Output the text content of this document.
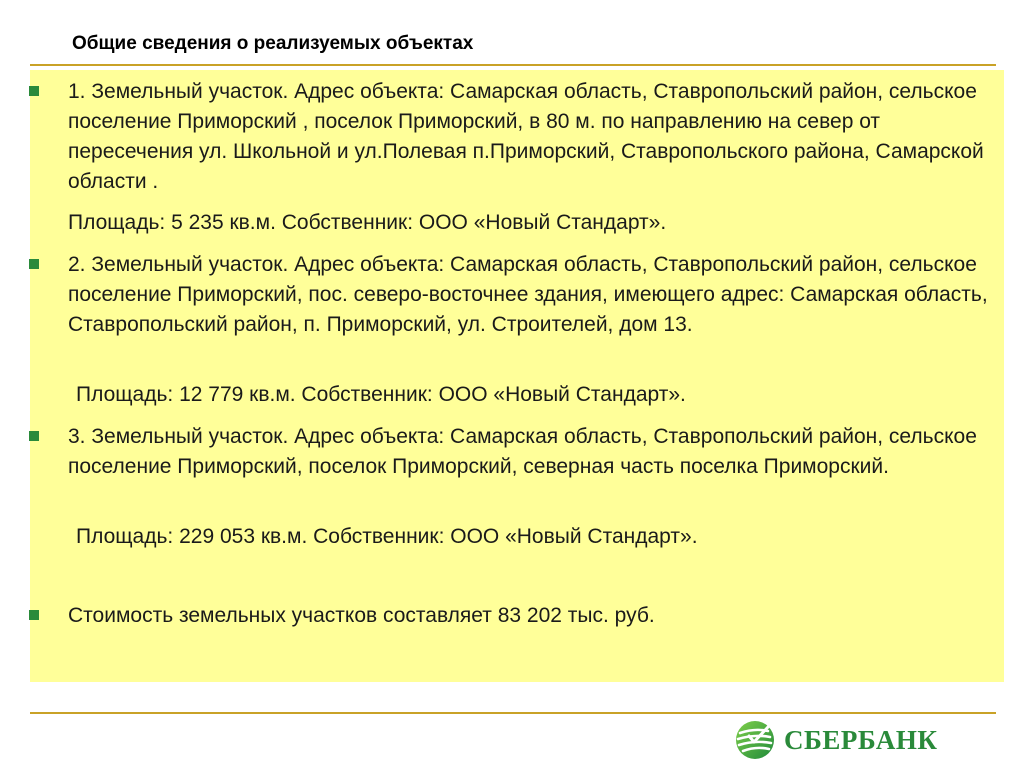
Общие сведения о реализуемых объектах
1. Земельный участок. Адрес объекта: Самарская область, Ставропольский район, сельское поселение Приморский , поселок Приморский, в 80 м. по направлению на север от пересечения ул. Школьной и ул.Полевая п.Приморский, Ставропольского района, Самарской области .
Площадь: 5 235 кв.м. Собственник: ООО «Новый Стандарт».
2. Земельный участок. Адрес объекта: Самарская область, Ставропольский район, сельское поселение Приморский, пос. северо-восточнее здания, имеющего адрес: Самарская область, Ставропольский район, п. Приморский, ул. Строителей, дом 13.
Площадь: 12 779 кв.м. Собственник: ООО «Новый Стандарт».
3. Земельный участок. Адрес объекта: Самарская область, Ставропольский район, сельское поселение Приморский, поселок Приморский, северная часть поселка Приморский.
Площадь: 229 053 кв.м. Собственник: ООО «Новый Стандарт».
Стоимость земельных участков составляет 83 202 тыс. руб.
СБЕРБАНК
